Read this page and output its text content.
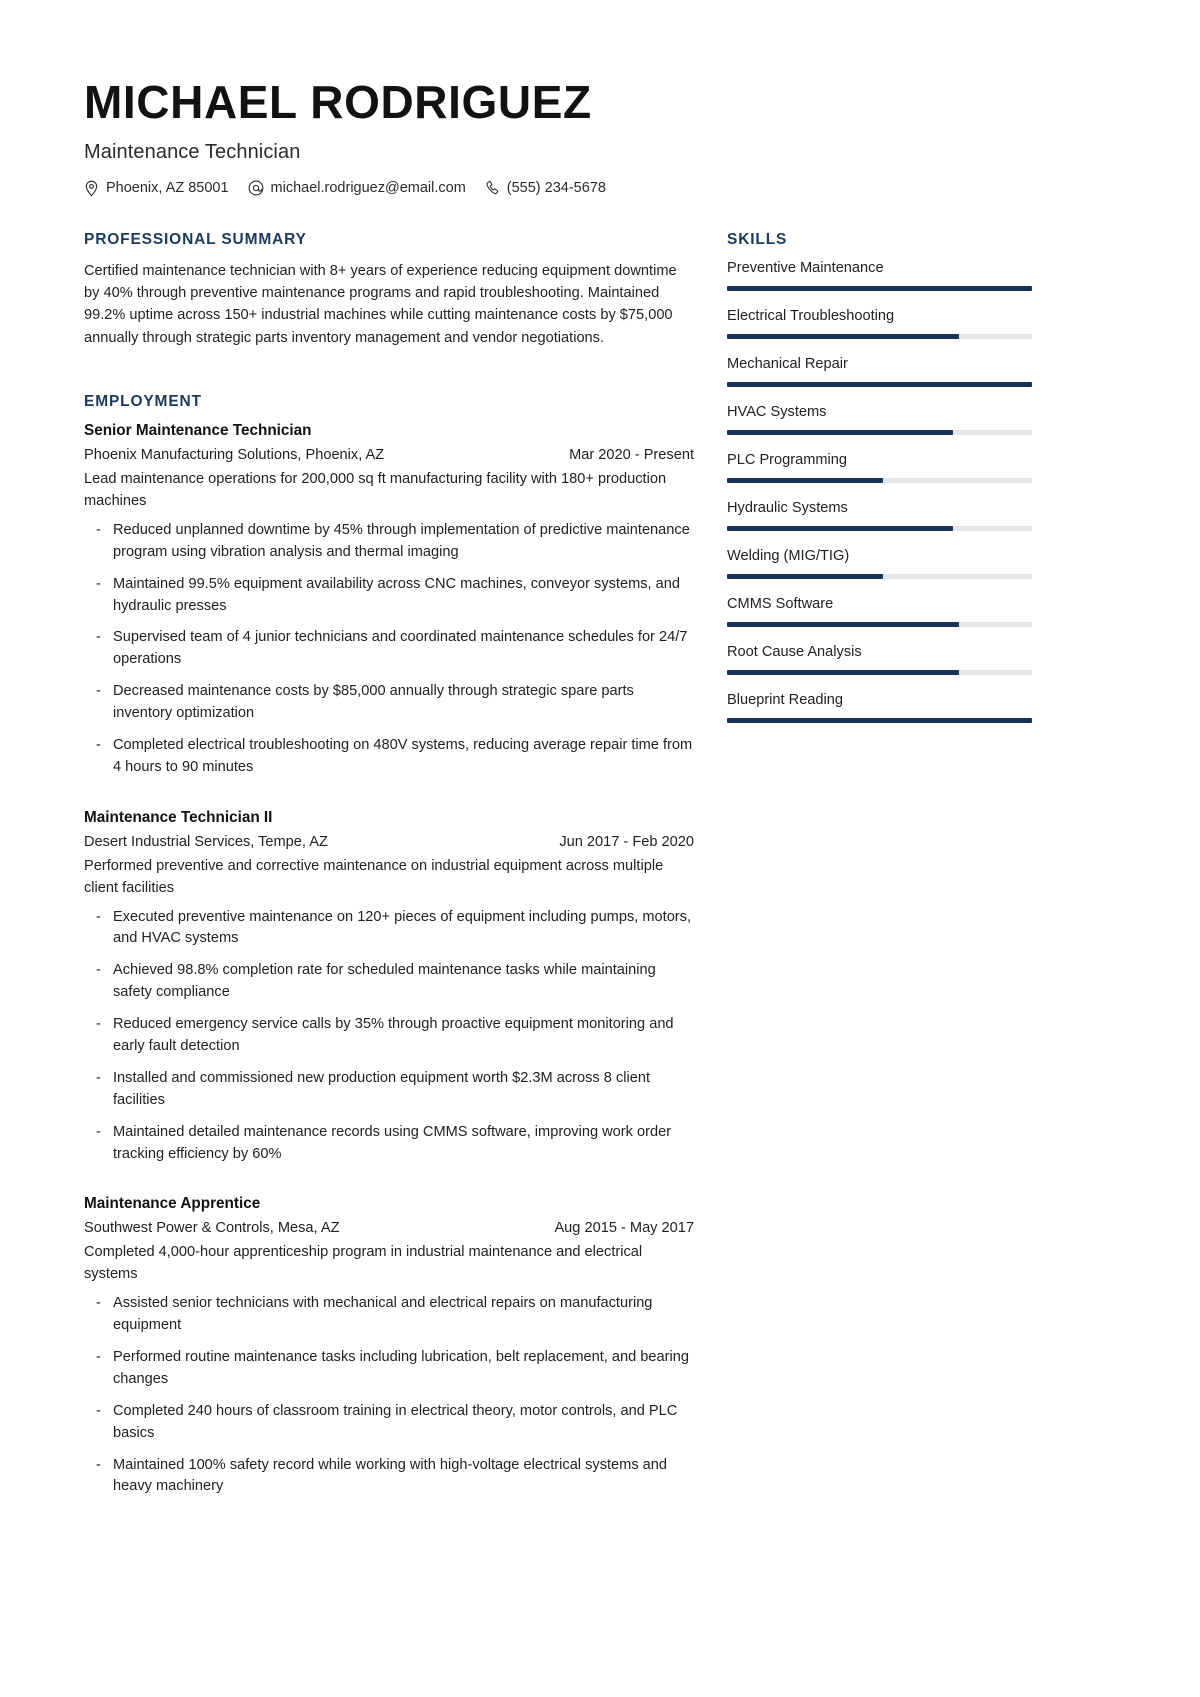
MICHAEL RODRIGUEZ
Maintenance Technician
Phoenix, AZ 85001	michael.rodriguez@email.com	(555) 234-5678
PROFESSIONAL SUMMARY
Certified maintenance technician with 8+ years of experience reducing equipment downtime by 40% through preventive maintenance programs and rapid troubleshooting. Maintained 99.2% uptime across 150+ industrial machines while cutting maintenance costs by $75,000 annually through strategic parts inventory management and vendor negotiations.
EMPLOYMENT
Senior Maintenance Technician
Phoenix Manufacturing Solutions, Phoenix, AZ	Mar 2020 - Present
Lead maintenance operations for 200,000 sq ft manufacturing facility with 180+ production machines
- Reduced unplanned downtime by 45% through implementation of predictive maintenance program using vibration analysis and thermal imaging
- Maintained 99.5% equipment availability across CNC machines, conveyor systems, and hydraulic presses
- Supervised team of 4 junior technicians and coordinated maintenance schedules for 24/7 operations
- Decreased maintenance costs by $85,000 annually through strategic spare parts inventory optimization
- Completed electrical troubleshooting on 480V systems, reducing average repair time from 4 hours to 90 minutes
Maintenance Technician II
Desert Industrial Services, Tempe, AZ	Jun 2017 - Feb 2020
Performed preventive and corrective maintenance on industrial equipment across multiple client facilities
- Executed preventive maintenance on 120+ pieces of equipment including pumps, motors, and HVAC systems
- Achieved 98.8% completion rate for scheduled maintenance tasks while maintaining safety compliance
- Reduced emergency service calls by 35% through proactive equipment monitoring and early fault detection
- Installed and commissioned new production equipment worth $2.3M across 8 client facilities
- Maintained detailed maintenance records using CMMS software, improving work order tracking efficiency by 60%
Maintenance Apprentice
Southwest Power & Controls, Mesa, AZ	Aug 2015 - May 2017
Completed 4,000-hour apprenticeship program in industrial maintenance and electrical systems
- Assisted senior technicians with mechanical and electrical repairs on manufacturing equipment
- Performed routine maintenance tasks including lubrication, belt replacement, and bearing changes
- Completed 240 hours of classroom training in electrical theory, motor controls, and PLC basics
- Maintained 100% safety record while working with high-voltage electrical systems and heavy machinery
SKILLS
Preventive Maintenance
Electrical Troubleshooting
Mechanical Repair
HVAC Systems
PLC Programming
Hydraulic Systems
Welding (MIG/TIG)
CMMS Software
Root Cause Analysis
Blueprint Reading
